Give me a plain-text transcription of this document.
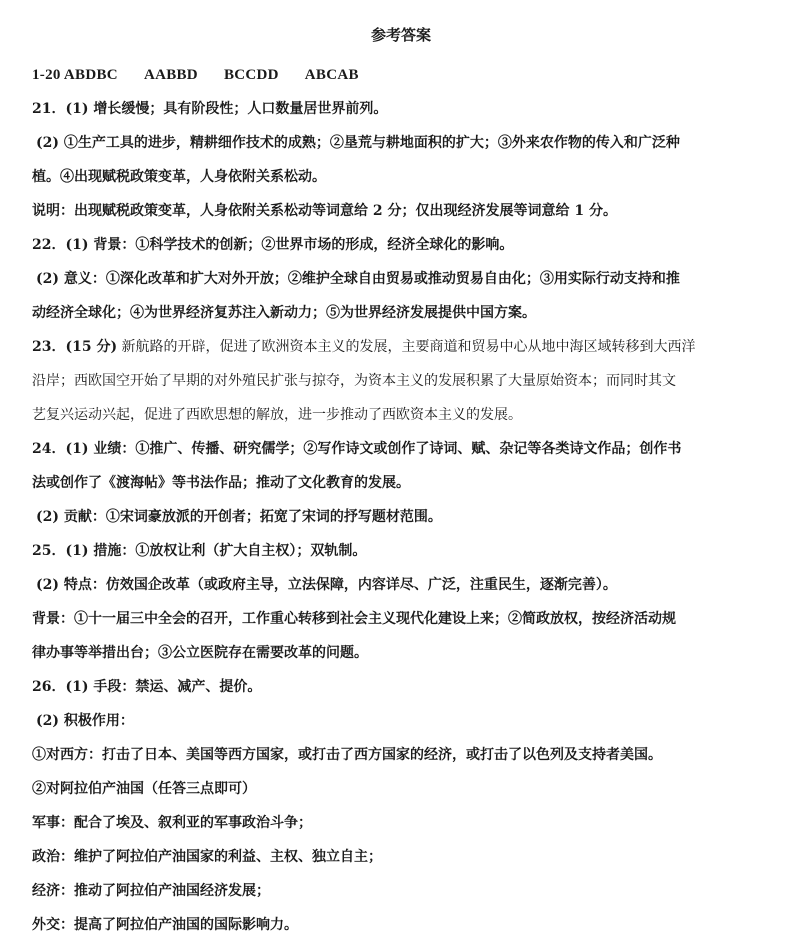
参考答案
1-20 ABDBC AABBD BCCDD ABCAB
21．(1) 增长缓慢；具有阶段性；人口数量居世界前列。
(2) ①生产工具的进步，精耕细作技术的成熟；②垦荒与耕地面积的扩大；③外来农作物的传入和广泛种
植。④出现赋税政策变革，人身依附关系松动。
说明：出现赋税政策变革，人身依附关系松动等词意给 2 分；仅出现经济发展等词意给 1 分。
22．(1) 背景：①科学技术的创新；②世界市场的形成，经济全球化的影响。
(2) 意义：①深化改革和扩大对外开放；②维护全球自由贸易或推动贸易自由化；③用实际行动支持和推
动经济全球化；④为世界经济复苏注入新动力；⑤为世界经济发展提供中国方案。
23．(15 分) 新航路的开辟，促进了欧洲资本主义的发展，主要商道和贸易中心从地中海区域转移到大西洋
沿岸；西欧国空开始了早期的对外殖民扩张与掠夺，为资本主义的发展积累了大量原始资本；而同时其文
艺复兴运动兴起，促进了西欧思想的解放，进一步推动了西欧资本主义的发展。
24．(1) 业绩：①推广、传播、研究儒学；②写作诗文或创作了诗词、赋、杂记等各类诗文作品；创作书
法或创作了《渡海帖》等书法作品；推动了文化教育的发展。
(2) 贡献：①宋词豪放派的开创者；拓宽了宋词的抒写题材范围。
25．(1) 措施：①放权让利（扩大自主权）；双轨制。
(2) 特点：仿效国企改革（或政府主导，立法保障，内容详尽、广泛，注重民生，逐渐完善）。
背景：①十一届三中全会的召开，工作重心转移到社会主义现代化建设上来；②简政放权，按经济活动规
律办事等举措出台；③公立医院存在需要改革的问题。
26．(1) 手段：禁运、减产、提价。
(2) 积极作用：
①对西方：打击了日本、美国等西方国家，或打击了西方国家的经济，或打击了以色列及支持者美国。
②对阿拉伯产油国（任答三点即可）
军事：配合了埃及、叙利亚的军事政治斗争；
政治：维护了阿拉伯产油国家的利益、主权、独立自主；
经济：推动了阿拉伯产油国经济发展；
外交：提高了阿拉伯产油国的国际影响力。
